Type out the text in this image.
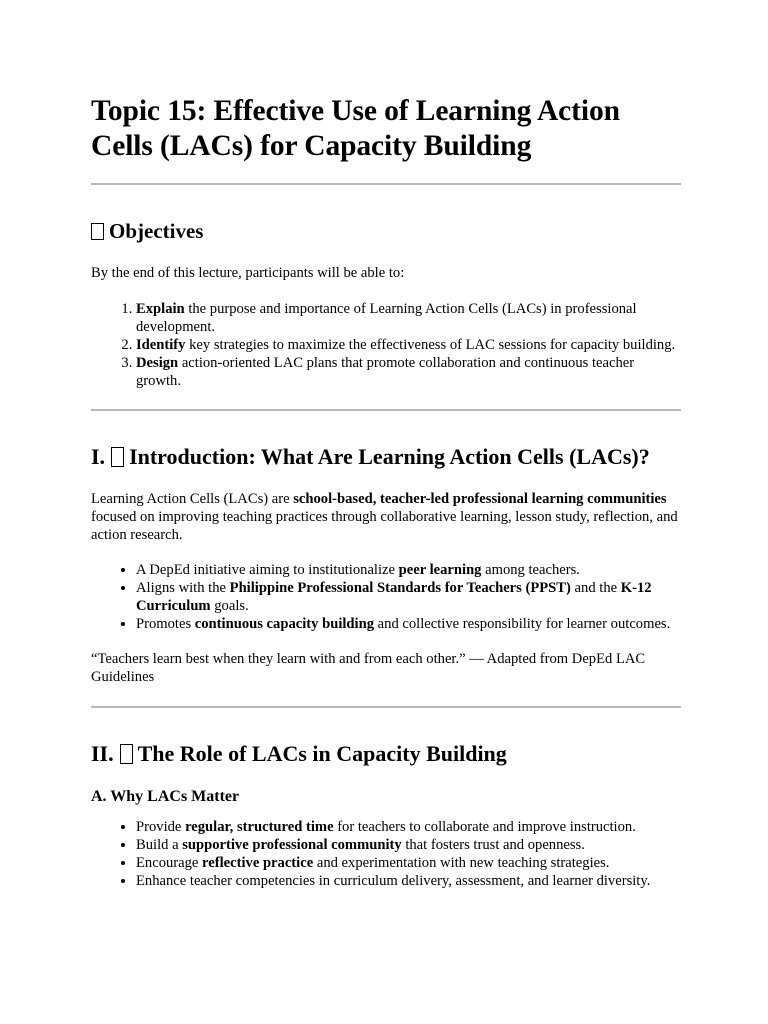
Topic 15: Effective Use of Learning Action Cells (LACs) for Capacity Building
Objectives

By the end of this lecture, participants will be able to:

1. Explain the purpose and importance of Learning Action Cells (LACs) in professional development.
2. Identify key strategies to maximize the effectiveness of LAC sessions for capacity building.
3. Design action-oriented LAC plans that promote collaboration and continuous teacher growth.
I. Introduction: What Are Learning Action Cells (LACs)?

Learning Action Cells (LACs) are school-based, teacher-led professional learning communities focused on improving teaching practices through collaborative learning, lesson study, reflection, and action research.

• A DepEd initiative aiming to institutionalize peer learning among teachers.
• Aligns with the Philippine Professional Standards for Teachers (PPST) and the K-12 Curriculum goals.
• Promotes continuous capacity building and collective responsibility for learner outcomes.

“Teachers learn best when they learn with and from each other.” — Adapted from DepEd LAC Guidelines

II. The Role of LACs in Capacity Building
A. Why LACs Matter
• Provide regular, structured time for teachers to collaborate and improve instruction.
• Build a supportive professional community that fosters trust and openness.
• Encourage reflective practice and experimentation with new teaching strategies.
• Enhance teacher competencies in curriculum delivery, assessment, and learner diversity.
